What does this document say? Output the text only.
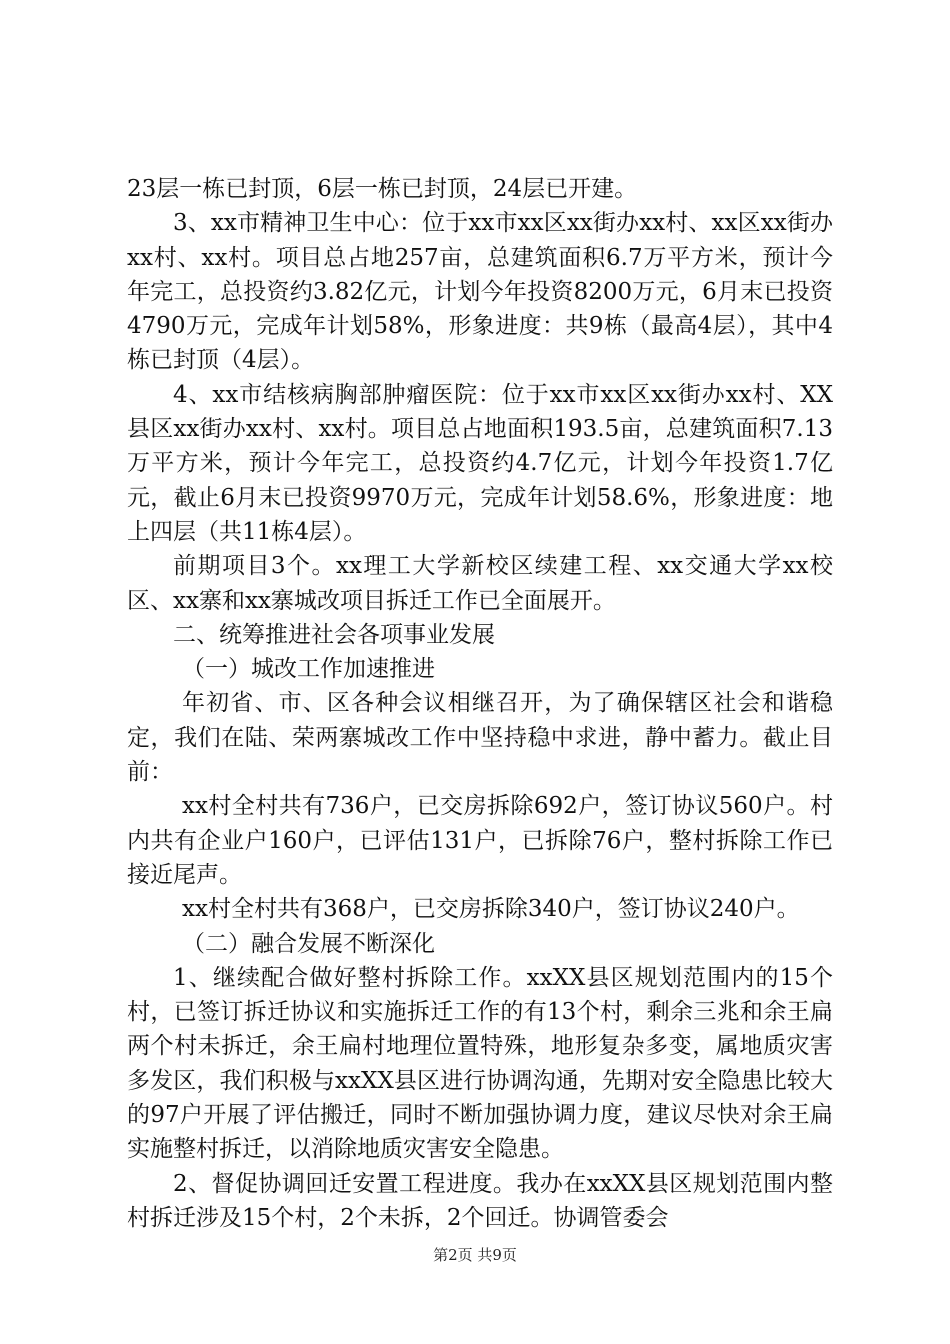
23层一栋已封顶，6层一栋已封顶，24层已开建。

3、xx市精神卫生中心：位于xx市xx区xx街办xx村、xx区xx街办xx村、xx村。项目总占地257亩，总建筑面积6.7万平方米，预计今年完工，总投资约3.82亿元，计划今年投资8200万元，6月末已投资4790万元，完成年计划58%，形象进度：共9栋（最高4层），其中4栋已封顶（4层）。

4、xx市结核病胸部肿瘤医院：位于xx市xx区xx街办xx村、XX县区xx街办xx村、xx村。项目总占地面积193.5亩，总建筑面积7.13万平方米，预计今年完工，总投资约4.7亿元，计划今年投资1.7亿元，截止6月末已投资9970万元，完成年计划58.6%，形象进度：地上四层（共11栋4层）。

前期项目3个。xx理工大学新校区续建工程、xx交通大学xx校区、xx寨和xx寨城改项目拆迁工作已全面展开。

二、统筹推进社会各项事业发展

（一）城改工作加速推进

年初省、市、区各种会议相继召开，为了确保辖区社会和谐稳定，我们在陆、荣两寨城改工作中坚持稳中求进，静中蓄力。截止目前：

xx村全村共有736户，已交房拆除692户，签订协议560户。村内共有企业户160户，已评估131户，已拆除76户，整村拆除工作已接近尾声。

xx村全村共有368户，已交房拆除340户，签订协议240户。

（二）融合发展不断深化

1、继续配合做好整村拆除工作。xxXX县区规划范围内的15个村，已签订拆迁协议和实施拆迁工作的有13个村，剩余三兆和余王扁两个村未拆迁，余王扁村地理位置特殊，地形复杂多变，属地质灾害多发区，我们积极与xxXX县区进行协调沟通，先期对安全隐患比较大的97户开展了评估搬迁，同时不断加强协调力度，建议尽快对余王扁实施整村拆迁，以消除地质灾害安全隐患。

2、督促协调回迁安置工程进度。我办在xxXX县区规划范围内整村拆迁涉及15个村，2个未拆，2个回迁。协调管委会

第2页 共9页
